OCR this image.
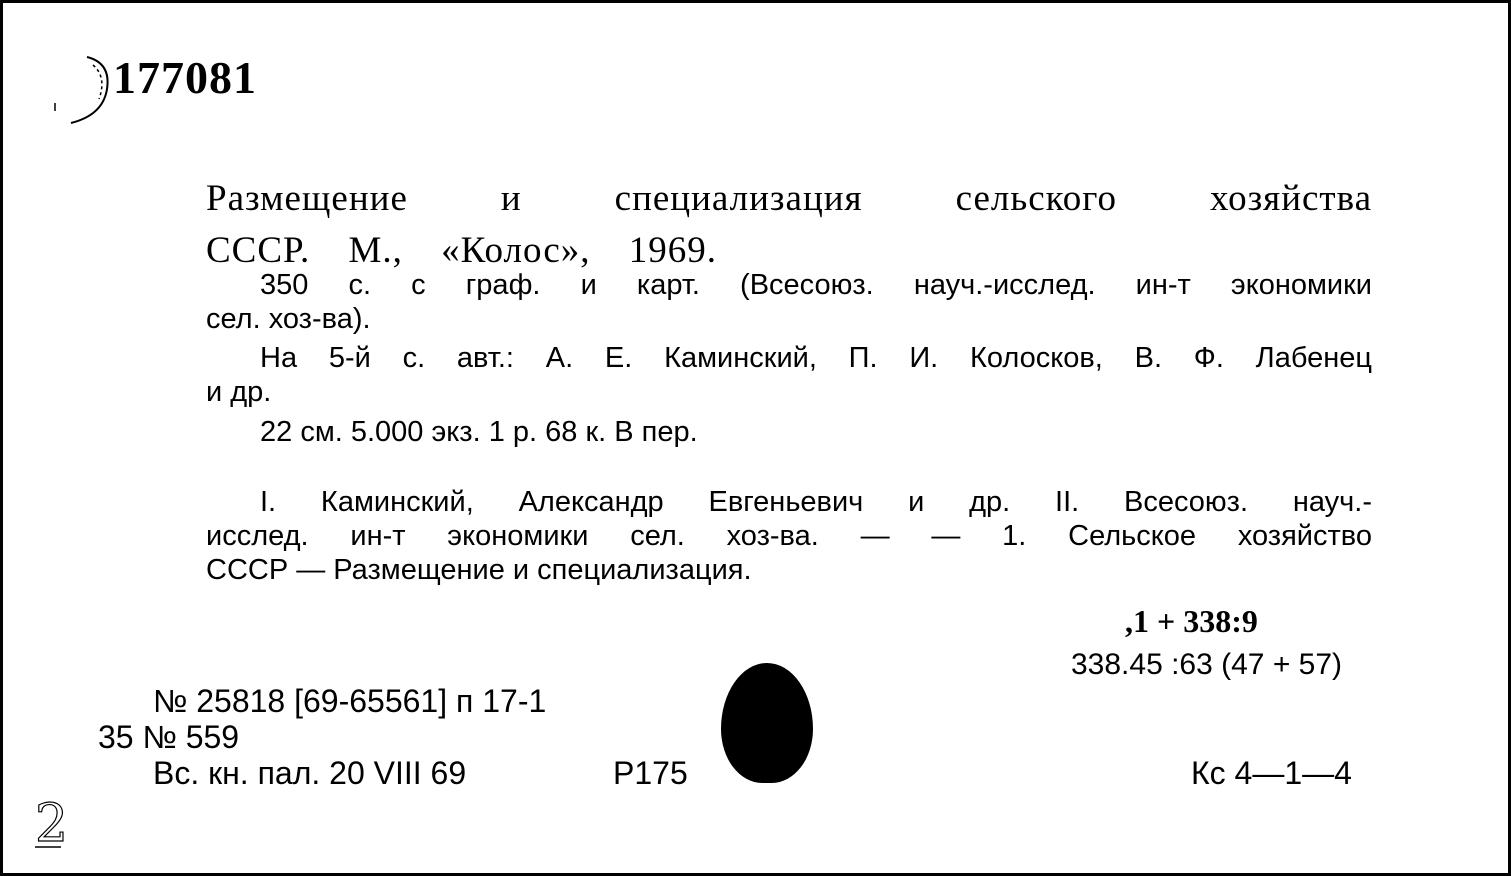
177081
Размещение и специализация сельского хозяйства
СССР. М., «Колос», 1969.
350 с. с граф. и карт. (Всесоюз. науч.-исслед. ин-т экономики
сел. хоз-ва).
На 5-й с. авт.: А. Е. Каминский, П. И. Колосков, В. Ф. Лабенец
и др.
22 см. 5.000 экз. 1 р. 68 к. В пер.
I. Каминский, Александр Евгеньевич и др. II. Всесоюз. науч.-
исслед. ин-т экономики сел. хоз-ва. — — 1. Сельское хозяйство
СССР — Размещение и специализация.
,1 + 338:9
338.45 :63 (47 + 57)
№ 25818 [69-65561] п 17-1
35 № 559
Вс. кн. пал. 20 VIII 69	Р175	Кс 4—1—4
2
